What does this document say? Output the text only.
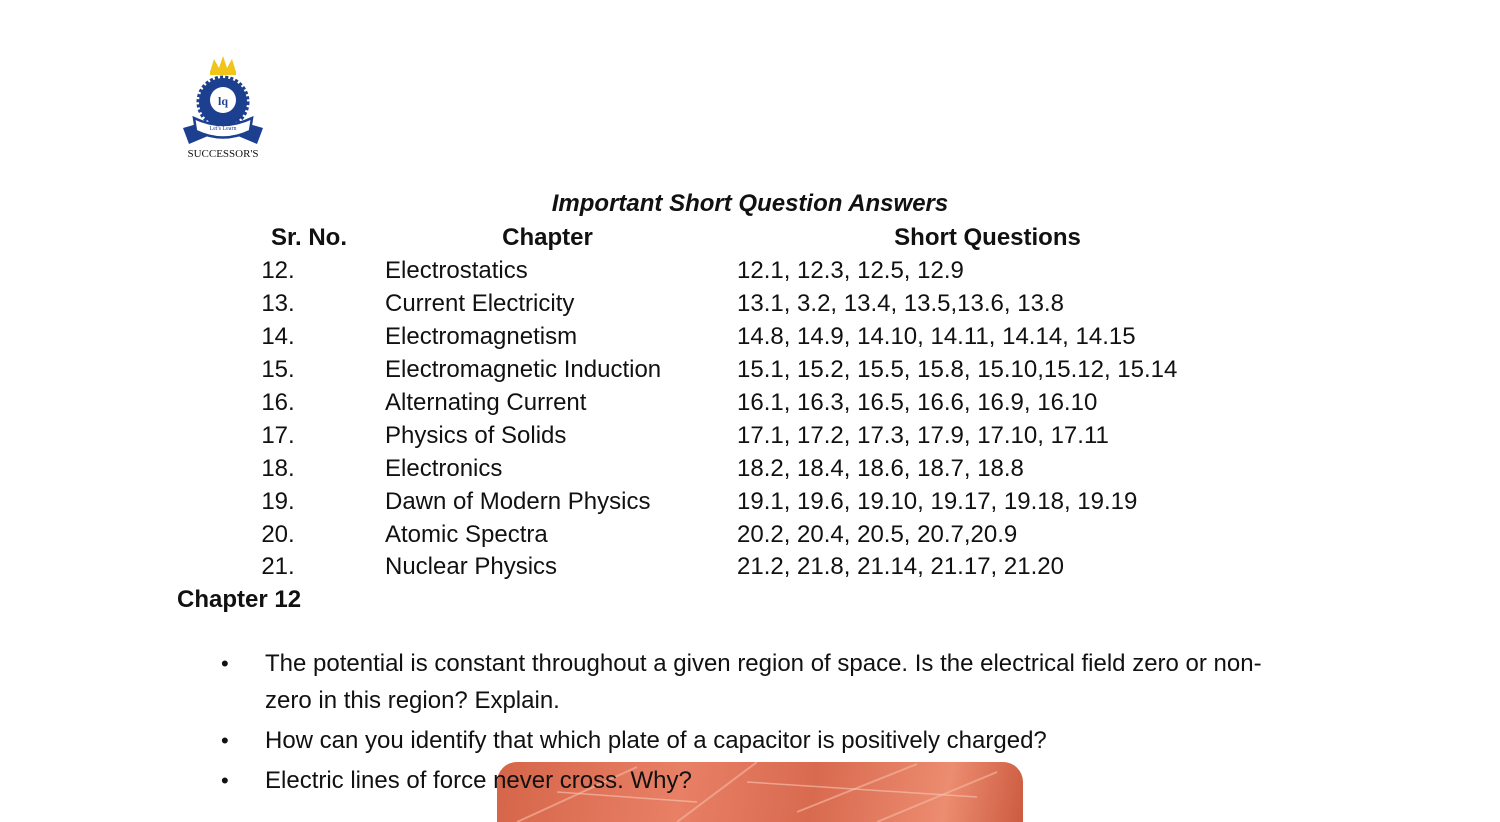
lq
Let's Learn
SUCCESSOR'S
Important Short Question Answers
Sr. No.	Chapter	Short Questions
12.	Electrostatics	12.1, 12.3, 12.5, 12.9
13.	Current Electricity	13.1, 3.2, 13.4, 13.5,13.6, 13.8
14.	Electromagnetism	14.8, 14.9, 14.10, 14.11, 14.14, 14.15
15.	Electromagnetic Induction	15.1, 15.2, 15.5, 15.8, 15.10,15.12, 15.14
16.	Alternating Current	16.1, 16.3, 16.5, 16.6, 16.9, 16.10
17.	Physics of Solids	17.1, 17.2, 17.3, 17.9, 17.10, 17.11
18.	Electronics	18.2, 18.4, 18.6, 18.7, 18.8
19.	Dawn of Modern Physics	19.1, 19.6, 19.10, 19.17, 19.18, 19.19
20.	Atomic Spectra	20.2, 20.4, 20.5, 20.7,20.9
21.	Nuclear Physics	21.2, 21.8, 21.14, 21.17, 21.20
Chapter 12
• The potential is constant throughout a given region of space. Is the electrical field zero or non-zero in this region? Explain.
• How can you identify that which plate of a capacitor is positively charged?
• Electric lines of force never cross. Why?
